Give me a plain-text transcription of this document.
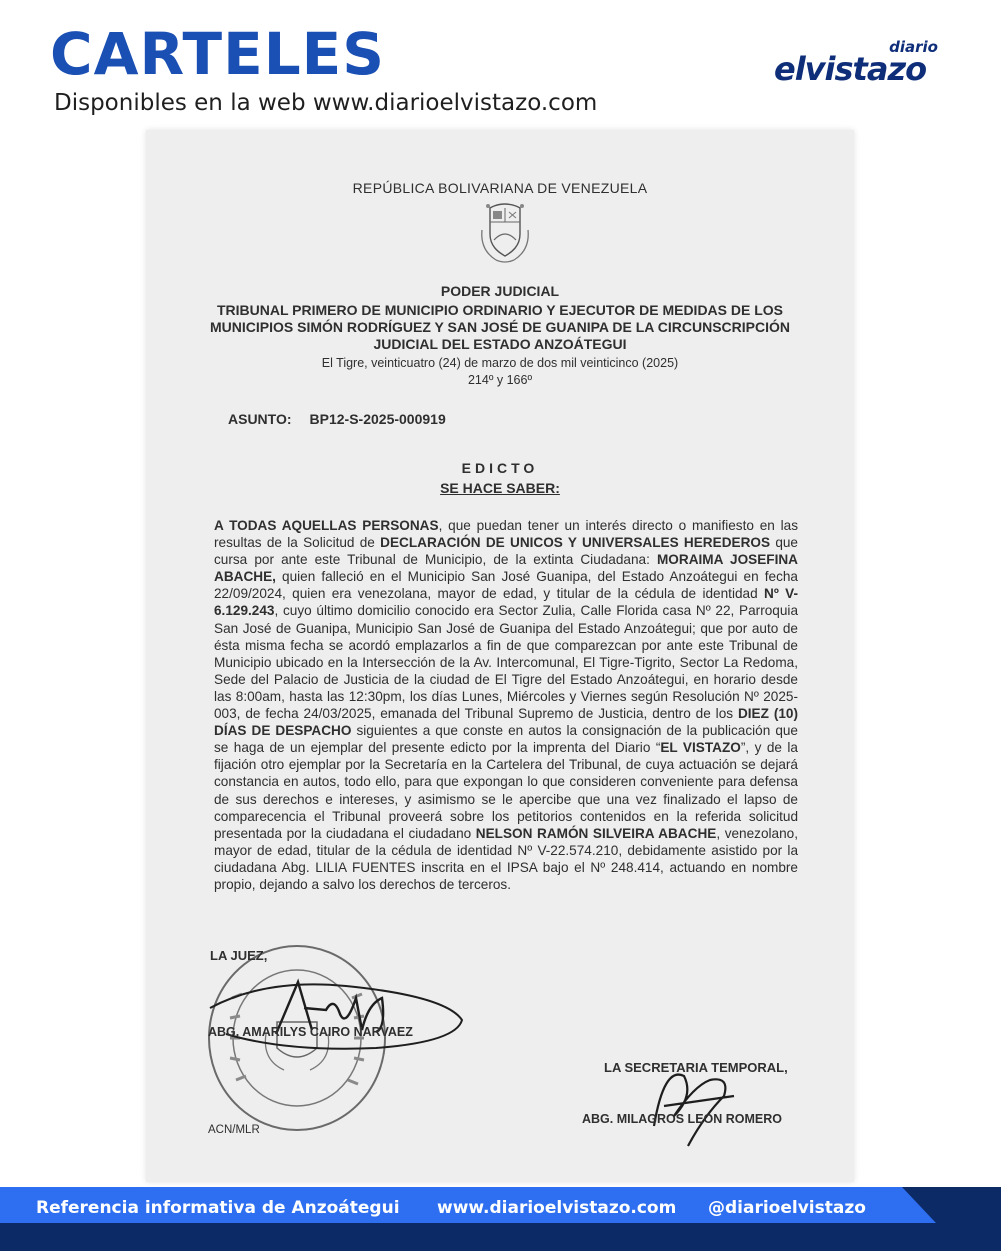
CARTELES
Disponibles en la web www.diarioelvistazo.com
diario
elvistazo
REPÚBLICA BOLIVARIANA DE VENEZUELA
PODER JUDICIAL
TRIBUNAL PRIMERO DE MUNICIPIO ORDINARIO Y EJECUTOR DE MEDIDAS DE LOS MUNICIPIOS SIMÓN RODRÍGUEZ Y SAN JOSÉ DE GUANIPA DE LA CIRCUNSCRIPCIÓN JUDICIAL DEL ESTADO ANZOÁTEGUI
El Tigre, veinticuatro (24) de marzo de dos mil veinticinco (2025)
214º y 166º
ASUNTO: BP12-S-2025-000919
EDICTO
SE HACE SABER:
A TODAS AQUELLAS PERSONAS, que puedan tener un interés directo o manifiesto en las resultas de la Solicitud de DECLARACIÓN DE UNICOS Y UNIVERSALES HEREDEROS que cursa por ante este Tribunal de Municipio, de la extinta Ciudadana: MORAIMA JOSEFINA ABACHE, quien falleció en el Municipio San José Guanipa, del Estado Anzoátegui en fecha 22/09/2024, quien era venezolana, mayor de edad, y titular de la cédula de identidad Nº V-6.129.243, cuyo último domicilio conocido era Sector Zulia, Calle Florida casa Nº 22, Parroquia San José de Guanipa, Municipio San José de Guanipa del Estado Anzoátegui; que por auto de ésta misma fecha se acordó emplazarlos a fin de que comparezcan por ante este Tribunal de Municipio ubicado en la Intersección de la Av. Intercomunal, El Tigre-Tigrito, Sector La Redoma, Sede del Palacio de Justicia de la ciudad de El Tigre del Estado Anzoátegui, en horario desde las 8:00am, hasta las 12:30pm, los días Lunes, Miércoles y Viernes según Resolución Nº 2025-003, de fecha 24/03/2025, emanada del Tribunal Supremo de Justicia, dentro de los DIEZ (10) DÍAS DE DESPACHO siguientes a que conste en autos la consignación de la publicación que se haga de un ejemplar del presente edicto por la imprenta del Diario “EL VISTAZO”, y de la fijación otro ejemplar por la Secretaría en la Cartelera del Tribunal, de cuya actuación se dejará constancia en autos, todo ello, para que expongan lo que consideren conveniente para defensa de sus derechos e intereses, y asimismo se le apercibe que una vez finalizado el lapso de comparecencia el Tribunal proveerá sobre los petitorios contenidos en la referida solicitud presentada por la ciudadana el ciudadano NELSON RAMÓN SILVEIRA ABACHE, venezolano, mayor de edad, titular de la cédula de identidad Nº V-22.574.210, debidamente asistido por la ciudadana Abg. LILIA FUENTES inscrita en el IPSA bajo el Nº 248.414, actuando en nombre propio, dejando a salvo los derechos de terceros.
LA JUEZ,
ABG. AMARILYS CAIRO NARVAEZ
LA SECRETARIA TEMPORAL,
ABG. MILAGROS LEON ROMERO
ACN/MLR
Referencia informativa de Anzoátegui www.diarioelvistazo.com @diarioelvistazo
